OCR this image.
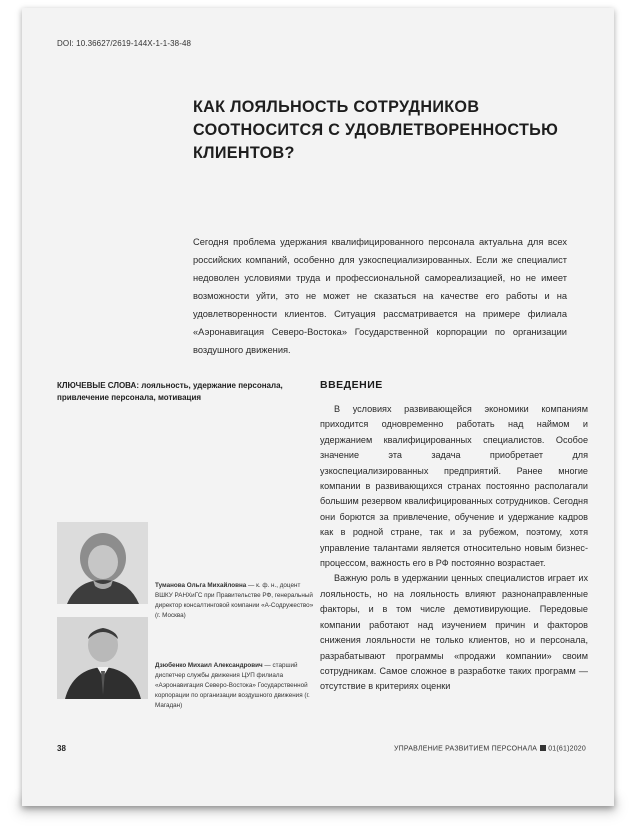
DOI: 10.36627/2619-144X-1-1-38-48
КАК ЛОЯЛЬНОСТЬ СОТРУДНИКОВ СООТНОСИТСЯ С УДОВЛЕТВОРЕННОСТЬЮ КЛИЕНТОВ?
Сегодня проблема удержания квалифицированного персонала актуальна для всех российских компаний, особенно для узкоспециализированных. Если же специалист недоволен условиями труда и профессиональной самореализацией, но не имеет возможности уйти, это не может не сказаться на качестве его работы и на удовлетворенности клиентов. Ситуация рассматривается на примере филиала «Аэронавигация Северо-Востока» Государственной корпорации по организации воздушного движения.
КЛЮЧЕВЫЕ СЛОВА: лояльность, удержание персонала, привлечение персонала, мотивация
Туманова Ольга Михайловна — к. ф. н., доцент ВШКУ РАНХиГС при Правительстве РФ, генеральный директор консалтинговой компании «А-Содружество» (г. Москва)
Дзюбенко Михаил Александрович — старший диспетчер службы движения ЦУП филиала «Аэронавигация Северо-Востока» Государственной корпорации по организации воздушного движения (г. Магадан)
ВВЕДЕНИЕ

В условиях развивающейся экономики компаниям приходится одновременно работать над наймом и удержанием квалифицированных специалистов. Особое значение эта задача приобретает для узкоспециализированных предприятий. Ранее многие компании в развивающихся странах постоянно располагали большим резервом квалифицированных сотрудников. Сегодня они борются за привлечение, обучение и удержание кадров как в родной стране, так и за рубежом, поэтому, хотя управление талантами является относительно новым бизнес-процессом, важность его в РФ постоянно возрастает.

Важную роль в удержании ценных специалистов играет их лояльность, но на лояльность влияют разнонаправленные факторы, и в том числе демотивирующие. Передовые компании работают над изучением причин и факторов снижения лояльности не только клиентов, но и персонала, разрабатывают программы «продажи компании» своим сотрудникам. Самое сложное в разработке таких программ — отсутствие в критериях оценки

38	УПРАВЛЕНИЕ РАЗВИТИЕМ ПЕРСОНАЛА 01(61)2020
